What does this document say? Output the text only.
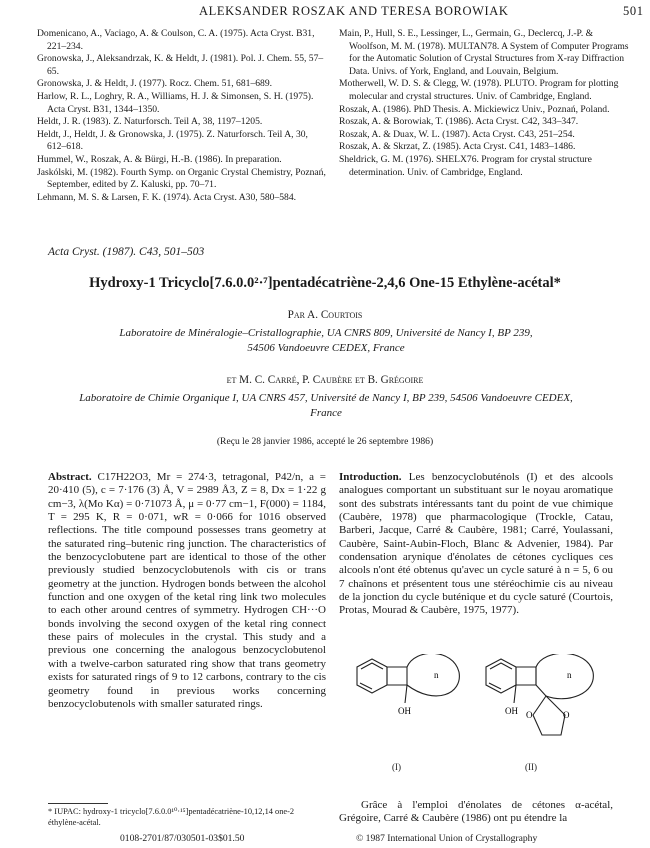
ALEKSANDER ROSZAK AND TERESA BOROWIAK	501

Domenicano, A., Vaciago, A. & Coulson, C. A. (1975). Acta Cryst. B31, 221–234.

Gronowska, J., Aleksandrzak, K. & Heldt, J. (1981). Pol. J. Chem. 55, 57–65.

Gronowska, J. & Heldt, J. (1977). Rocz. Chem. 51, 681–689.

Harlow, R. L., Loghry, R. A., Williams, H. J. & Simonsen, S. H. (1975). Acta Cryst. B31, 1344–1350.

Heldt, J. R. (1983). Z. Naturforsch. Teil A, 38, 1197–1205.

Heldt, J., Heldt, J. & Gronowska, J. (1975). Z. Naturforsch. Teil A, 30, 612–618.

Hummel, W., Roszak, A. & Bürgi, H.-B. (1986). In preparation.

Jaskólski, M. (1982). Fourth Symp. on Organic Crystal Chemistry, Poznań, September, edited by Z. Kaluski, pp. 70–71.

Lehmann, M. S. & Larsen, F. K. (1974). Acta Cryst. A30, 580–584.

Main, P., Hull, S. E., Lessinger, L., Germain, G., Declercq, J.-P. & Woolfson, M. M. (1978). MULTAN78. A System of Computer Programs for the Automatic Solution of Crystal Structures from X-ray Diffraction Data. Univs. of York, England, and Louvain, Belgium.

Motherwell, W. D. S. & Clegg, W. (1978). PLUTO. Program for plotting molecular and crystal structures. Univ. of Cambridge, England.

Roszak, A. (1986). PhD Thesis. A. Mickiewicz Univ., Poznań, Poland.

Roszak, A. & Borowiak, T. (1986). Acta Cryst. C42, 343–347.

Roszak, A. & Duax, W. L. (1987). Acta Cryst. C43, 251–254.

Roszak, A. & Skrzat, Z. (1985). Acta Cryst. C41, 1483–1486.

Sheldrick, G. M. (1976). SHELX76. Program for crystal structure determination. Univ. of Cambridge, England.

Acta Cryst. (1987). C43, 501–503
Hydroxy-1 Tricyclo[7.6.0.0²·⁷]pentadécatriène-2,4,6 One-15 Ethylène-acétal*
Par A. Courtois
Laboratoire de Minéralogie–Cristallographie, UA CNRS 809, Université de Nancy I, BP 239,
54506 Vandoeuvre CEDEX, France
et M. C. Carré, P. Caubère et B. Grégoire
Laboratoire de Chimie Organique I, UA CNRS 457, Université de Nancy I, BP 239, 54506 Vandoeuvre CEDEX,
France
(Reçu le 28 janvier 1986, accepté le 26 septembre 1986)
Abstract. C17H22O3, Mr = 274·3, tetragonal, P42/n, a = 20·410 (5), c = 7·176 (3) Å, V = 2989 Å3, Z = 8, Dx = 1·22 g cm−3, λ(Mo Kα) = 0·71073 Å, μ = 0·77 cm−1, F(000) = 1184, T = 295 K, R = 0·071, wR = 0·066 for 1016 observed reflections. The title compound possesses trans geometry at the saturated ring–butenic ring junction. The characteristics of the benzocyclobutene part are identical to those of the other previously studied benzocyclobutenols with cis or trans geometry at the junction. Hydrogen bonds between the alcohol function and one oxygen of the ketal ring link two molecules to each other around centres of symmetry. Hydrogen CH···O bonds involving the second oxygen of the ketal ring connect these pairs of molecules in the crystal. This study and a previous one concerning the analogous benzocyclobutenol with a twelve-carbon saturated ring show that trans geometry exists for saturated rings of 9 to 12 carbons, contrary to the cis geometry found in previous works concerning benzocyclobutenols with smaller saturated rings.
Introduction. Les benzocyclobuténols (I) et des alcools analogues comportant un substituant sur le noyau aromatique sont des substrats intéressants tant du point de vue chimique (Caubère, 1978) que pharmacologique (Trockle, Catau, Barberi, Jacque, Carré & Caubère, 1981; Carré, Youlassani, Caubère, Saint-Aubin-Floch, Blanc & Advenier, 1984). Par condensation arynique d'énolates de cétones cycliques ces alcools n'ont été obtenus qu'avec un cycle saturé à n = 5, 6 ou 7 chaînons et présentent tous une stéréochimie cis au niveau de la jonction du cycle buténique et du cycle saturé (Courtois, Protas, Mourad & Caubère, 1975, 1977).
n
OH
n
OH O	O
(I)	(II)
Grâce à l'emploi d'énolates de cétones α-acétal, Grégoire, Carré & Caubère (1986) ont pu étendre la
* IUPAC: hydroxy-1 tricyclo[7.6.0.0¹⁰·¹⁵]pentadécatriène-10,12,14 one-2 éthylène-acétal.
0108-2701/87/030501-03$01.50	© 1987 International Union of Crystallography
